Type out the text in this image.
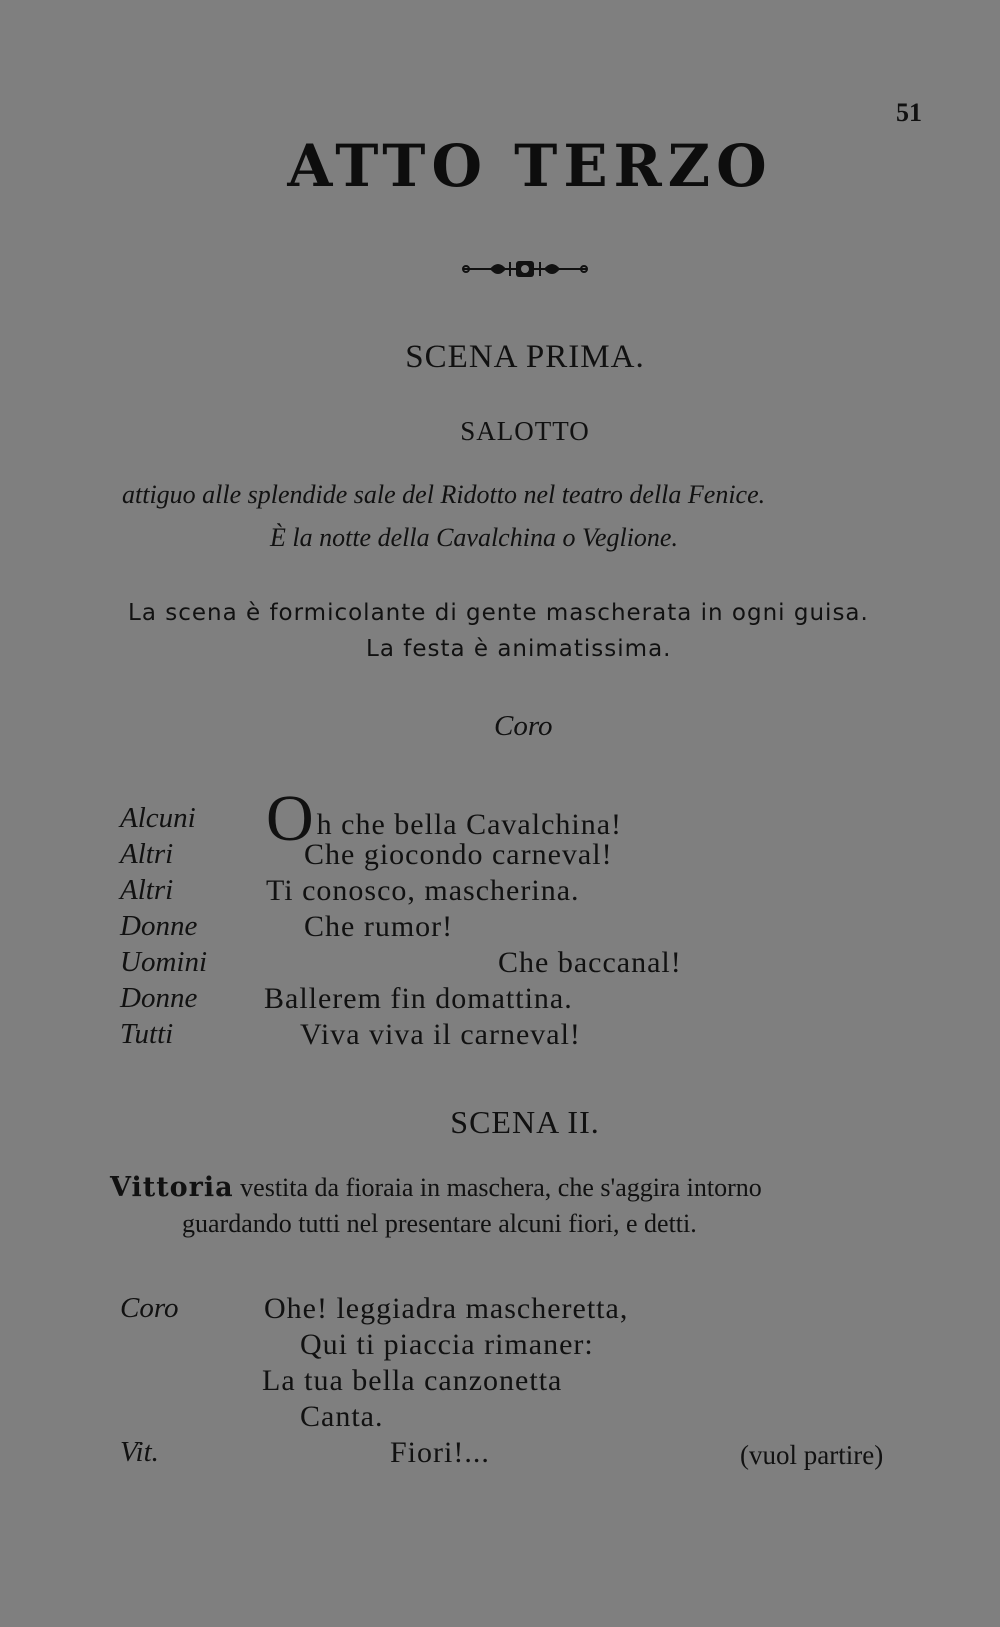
51
ATTO TERZO
SCENA PRIMA.
SALOTTO
attiguo alle splendide sale del Ridotto nel teatro della Fenice.
È la notte della Cavalchina o Veglione.
La scena è formicolante di gente mascherata in ogni guisa.
La festa è animatissima.
Coro
Alcuni Oh che bella Cavalchina!
Altri	Che giocondo carneval!
Altri	Ti conosco, mascherina.
Donne	Che rumor!
Uomini	Che baccanal!
Donne Ballerem fin domattina.
Tutti	Viva viva il carneval!
SCENA II.
Vittoria vestita da fioraia in maschera, che s'aggira intorno
guardando tutti nel presentare alcuni fiori, e detti.
Coro	Ohe! leggiadra mascheretta,
Qui ti piaccia rimaner:
La tua bella canzonetta
Canta.
Vit.	Fiori!...	(vuol partire)
